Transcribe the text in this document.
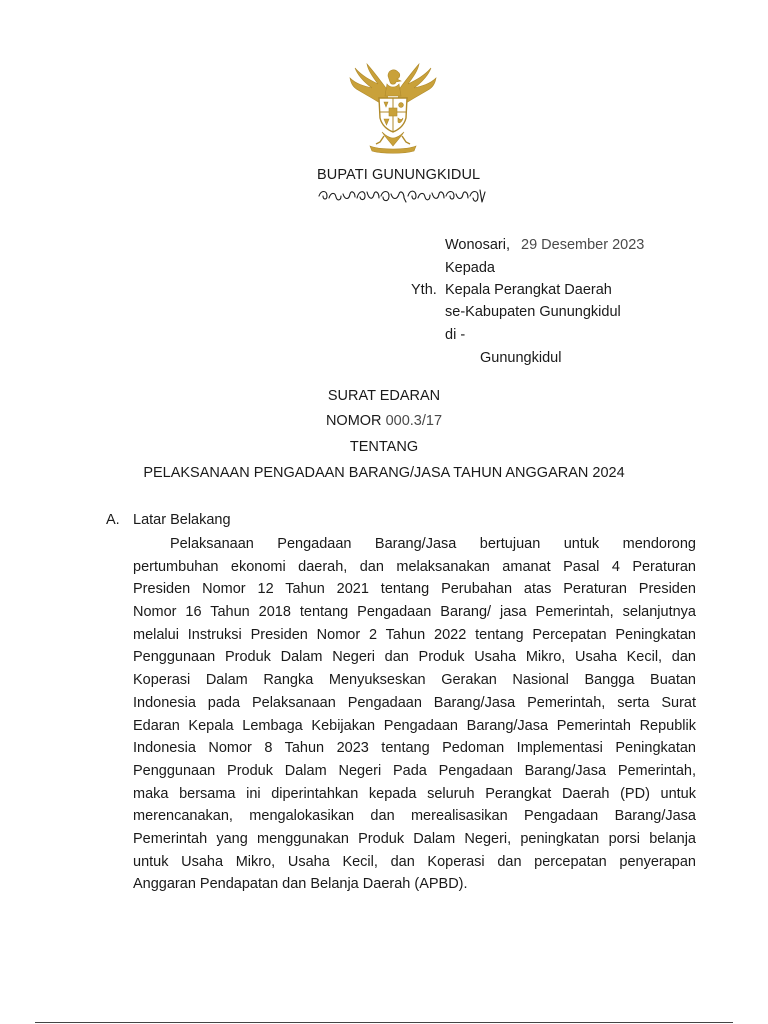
BUPATI GUNUNGKIDUL
Wonosari, 29 Desember 2023
Kepada
Yth. Kepala Perangkat Daerah
se-Kabupaten Gunungkidul
di -
Gunungkidul
SURAT EDARAN
NOMOR 000.3/17
TENTANG
PELAKSANAAN PENGADAAN BARANG/JASA TAHUN ANGGARAN 2024
A. Latar Belakang
Pelaksanaan Pengadaan Barang/Jasa bertujuan untuk mendorong
pertumbuhan ekonomi daerah, dan melaksanakan amanat Pasal 4 Peraturan
Presiden Nomor 12 Tahun 2021 tentang Perubahan atas Peraturan Presiden
Nomor 16 Tahun 2018 tentang Pengadaan Barang/ jasa Pemerintah, selanjutnya
melalui Instruksi Presiden Nomor 2 Tahun 2022 tentang Percepatan Peningkatan
Penggunaan Produk Dalam Negeri dan Produk Usaha Mikro, Usaha Kecil, dan
Koperasi Dalam Rangka Menyukseskan Gerakan Nasional Bangga Buatan
Indonesia pada Pelaksanaan Pengadaan Barang/Jasa Pemerintah, serta Surat
Edaran Kepala Lembaga Kebijakan Pengadaan Barang/Jasa Pemerintah Republik
Indonesia Nomor 8 Tahun 2023 tentang Pedoman Implementasi Peningkatan
Penggunaan Produk Dalam Negeri Pada Pengadaan Barang/Jasa Pemerintah,
maka bersama ini diperintahkan kepada seluruh Perangkat Daerah (PD) untuk
merencanakan, mengalokasikan dan merealisasikan Pengadaan Barang/Jasa
Pemerintah yang menggunakan Produk Dalam Negeri, peningkatan porsi belanja
untuk Usaha Mikro, Usaha Kecil, dan Koperasi dan percepatan penyerapan
Anggaran Pendapatan dan Belanja Daerah (APBD).
